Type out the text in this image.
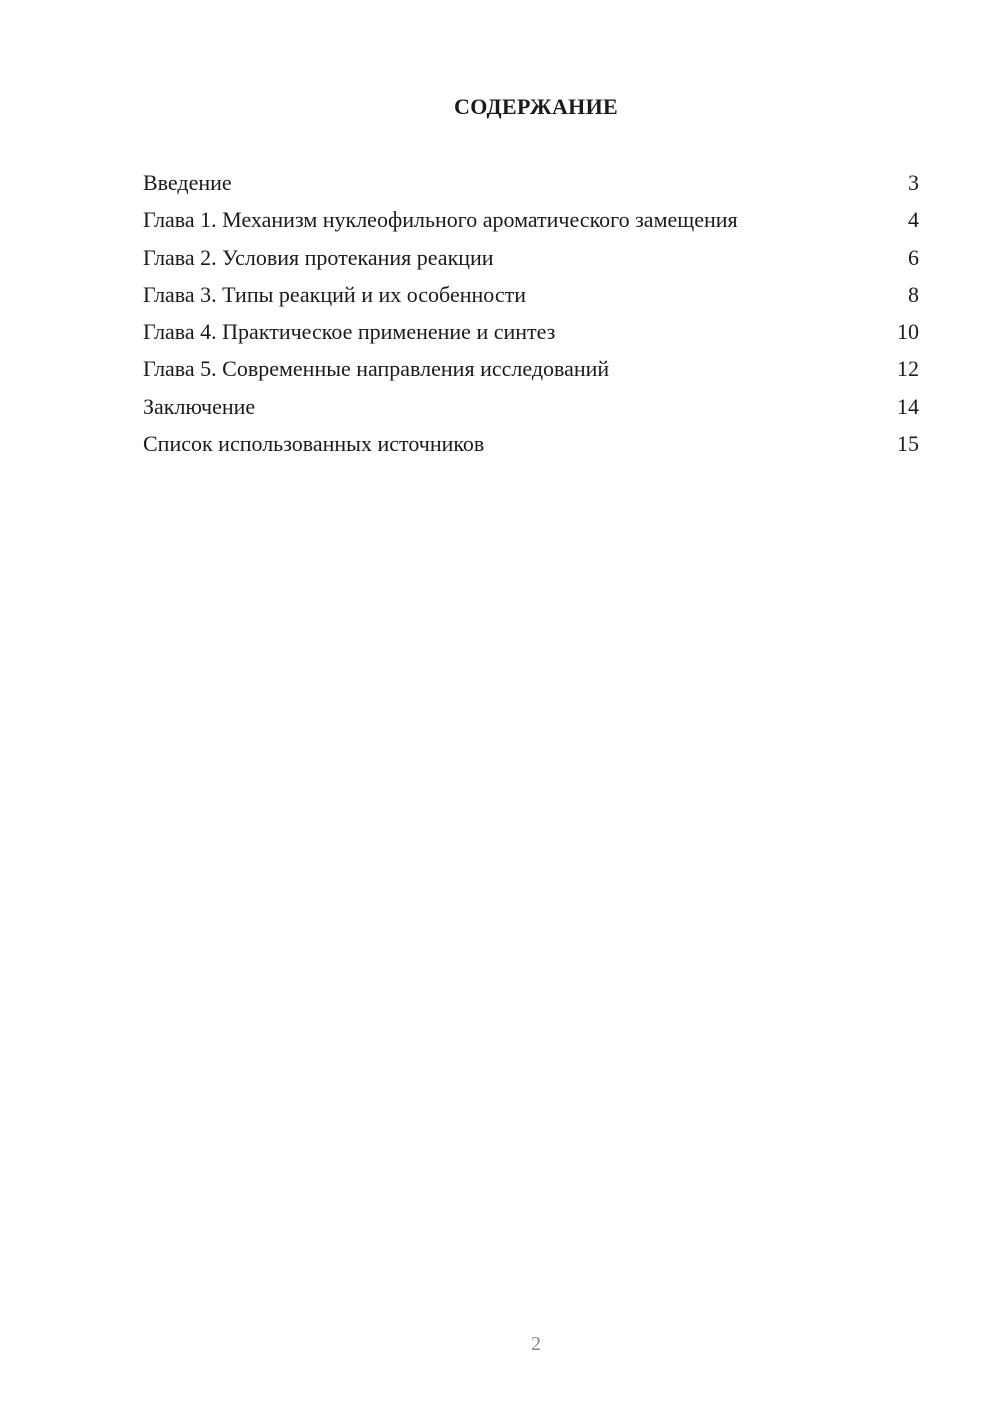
СОДЕРЖАНИЕ
Введение	3
Глава 1. Механизм нуклеофильного ароматического замещения	4
Глава 2. Условия протекания реакции	6
Глава 3. Типы реакций и их особенности	8
Глава 4. Практическое применение и синтез	10
Глава 5. Современные направления исследований	12
Заключение	14
Список использованных источников	15
2
